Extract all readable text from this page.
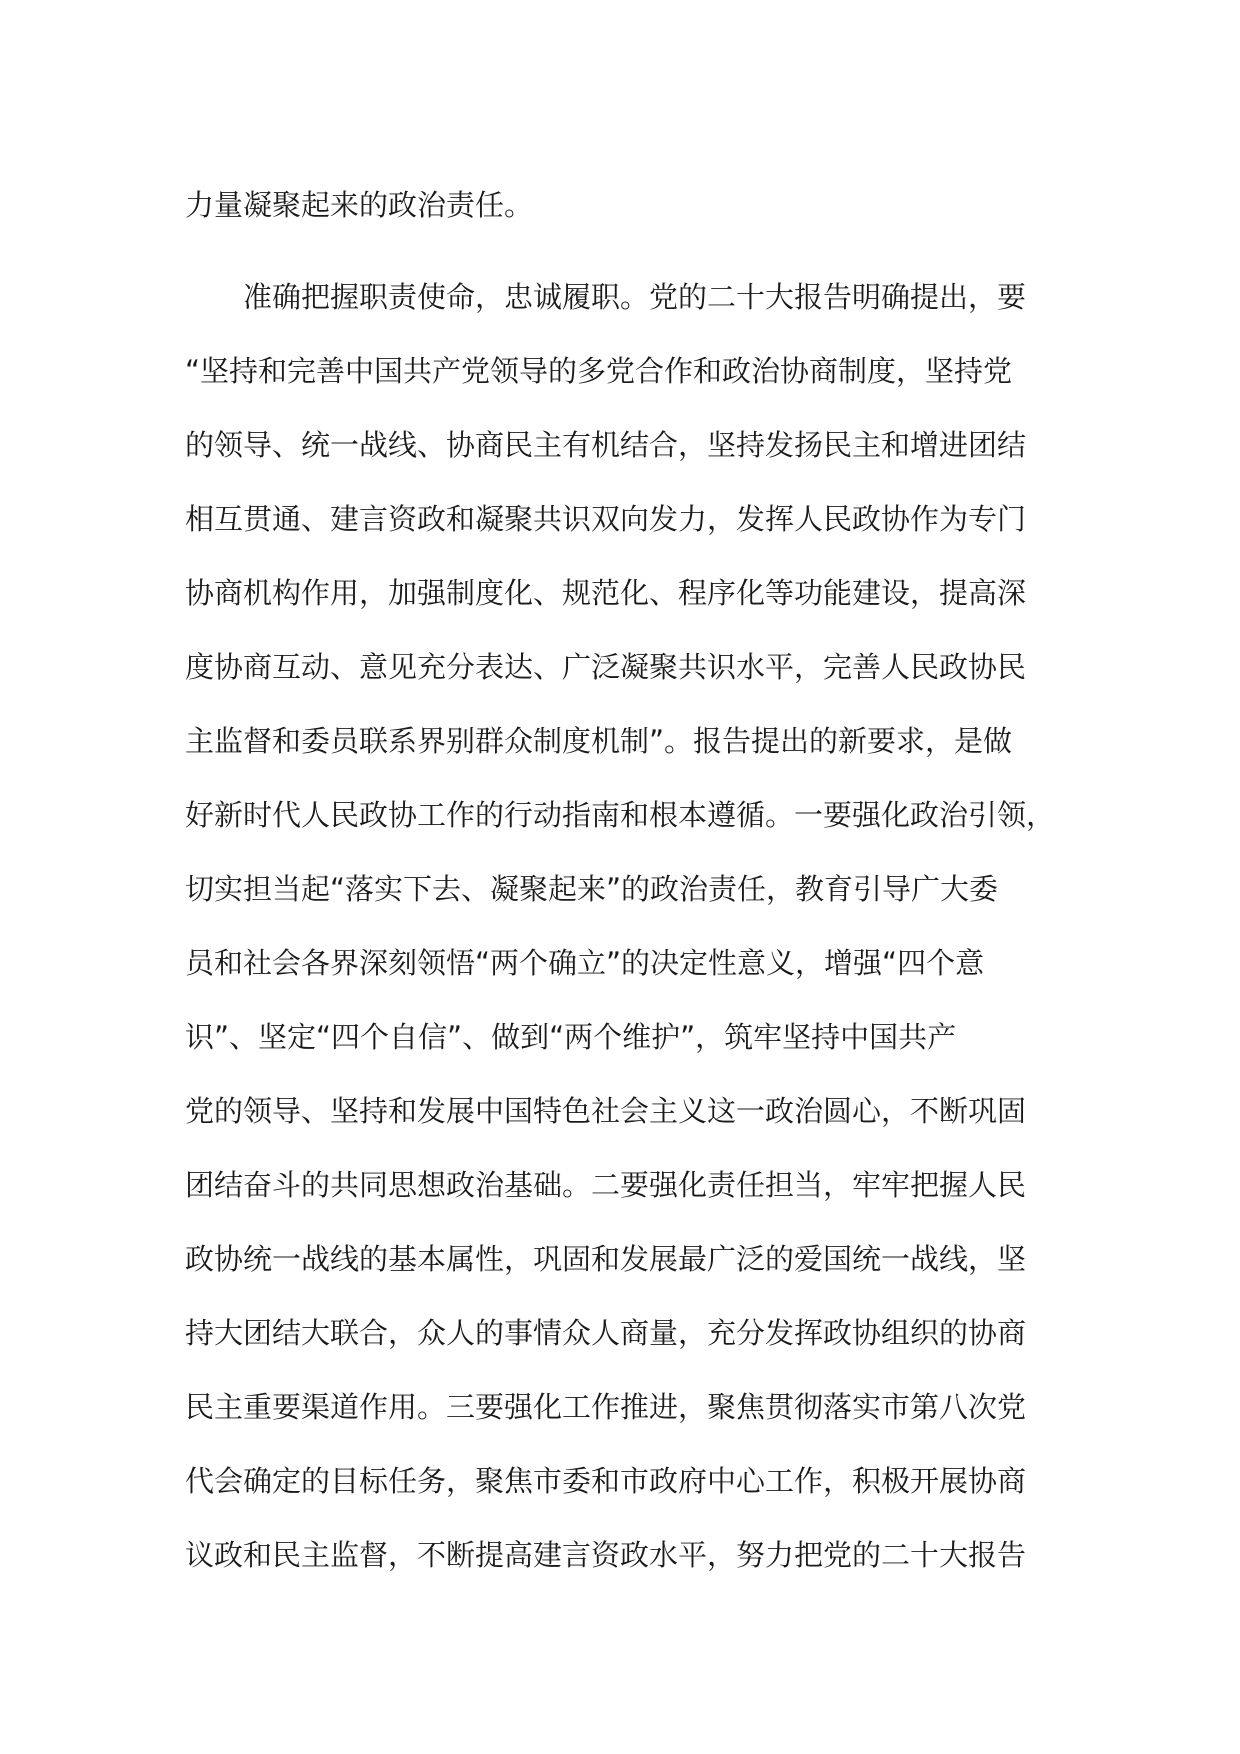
力量凝聚起来的政治责任。
准确把握职责使命，忠诚履职。党的二十大报告明确提出，要
“坚持和完善中国共产党领导的多党合作和政治协商制度，坚持党
的领导、统一战线、协商民主有机结合，坚持发扬民主和增进团结
相互贯通、建言资政和凝聚共识双向发力，发挥人民政协作为专门
协商机构作用，加强制度化、规范化、程序化等功能建设，提高深
度协商互动、意见充分表达、广泛凝聚共识水平，完善人民政协民
主监督和委员联系界别群众制度机制”。报告提出的新要求，是做
好新时代人民政协工作的行动指南和根本遵循。一要强化政治引领，
切实担当起“落实下去、凝聚起来”的政治责任，教育引导广大委
员和社会各界深刻领悟“两个确立”的决定性意义，增强“四个意
识”、坚定“四个自信”、做到“两个维护”，筑牢坚持中国共产
党的领导、坚持和发展中国特色社会主义这一政治圆心，不断巩固
团结奋斗的共同思想政治基础。二要强化责任担当，牢牢把握人民
政协统一战线的基本属性，巩固和发展最广泛的爱国统一战线，坚
持大团结大联合，众人的事情众人商量，充分发挥政协组织的协商
民主重要渠道作用。三要强化工作推进，聚焦贯彻落实市第八次党
代会确定的目标任务，聚焦市委和市政府中心工作，积极开展协商
议政和民主监督，不断提高建言资政水平，努力把党的二十大报告
